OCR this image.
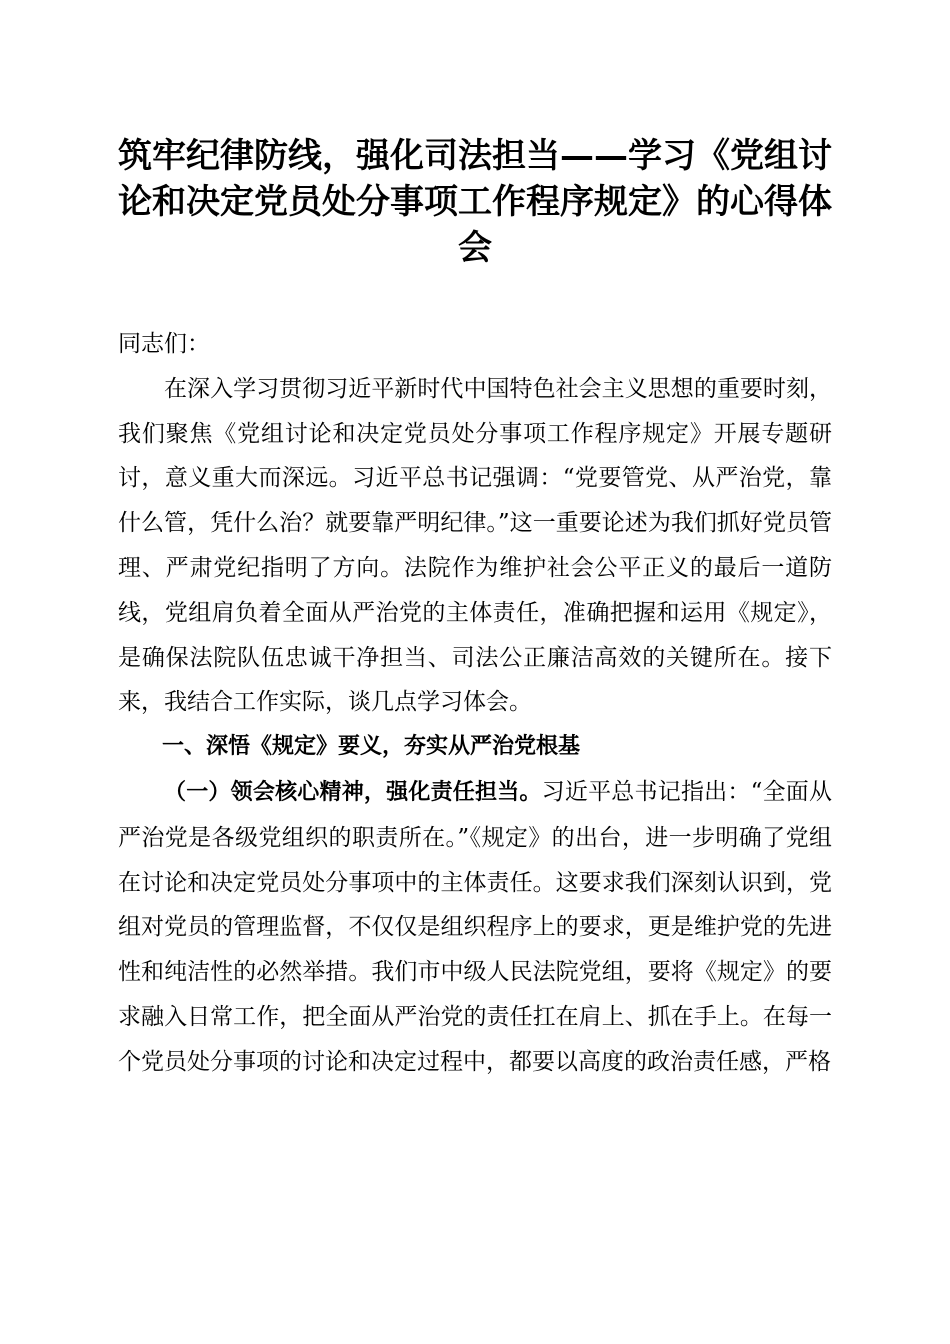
筑牢纪律防线，强化司法担当——学习《党组讨论和决定党员处分事项工作程序规定》的心得体会

同志们：

在深入学习贯彻习近平新时代中国特色社会主义思想的重要时刻，我们聚焦《党组讨论和决定党员处分事项工作程序规定》开展专题研讨，意义重大而深远。习近平总书记强调：“党要管党、从严治党，靠什么管，凭什么治？就要靠严明纪律。”这一重要论述为我们抓好党员管理、严肃党纪指明了方向。法院作为维护社会公平正义的最后一道防线，党组肩负着全面从严治党的主体责任，准确把握和运用《规定》，是确保法院队伍忠诚干净担当、司法公正廉洁高效的关键所在。接下来，我结合工作实际，谈几点学习体会。

一、深悟《规定》要义，夯实从严治党根基

（一）领会核心精神，强化责任担当。习近平总书记指出：“全面从严治党是各级党组织的职责所在。”《规定》的出台，进一步明确了党组在讨论和决定党员处分事项中的主体责任。这要求我们深刻认识到，党组对党员的管理监督，不仅仅是组织程序上的要求，更是维护党的先进性和纯洁性的必然举措。我们市中级人民法院党组，要将《规定》的要求融入日常工作，把全面从严治党的责任扛在肩上、抓在手上。在每一个党员处分事项的讨论和决定过程中，都要以高度的政治责任感，严格
